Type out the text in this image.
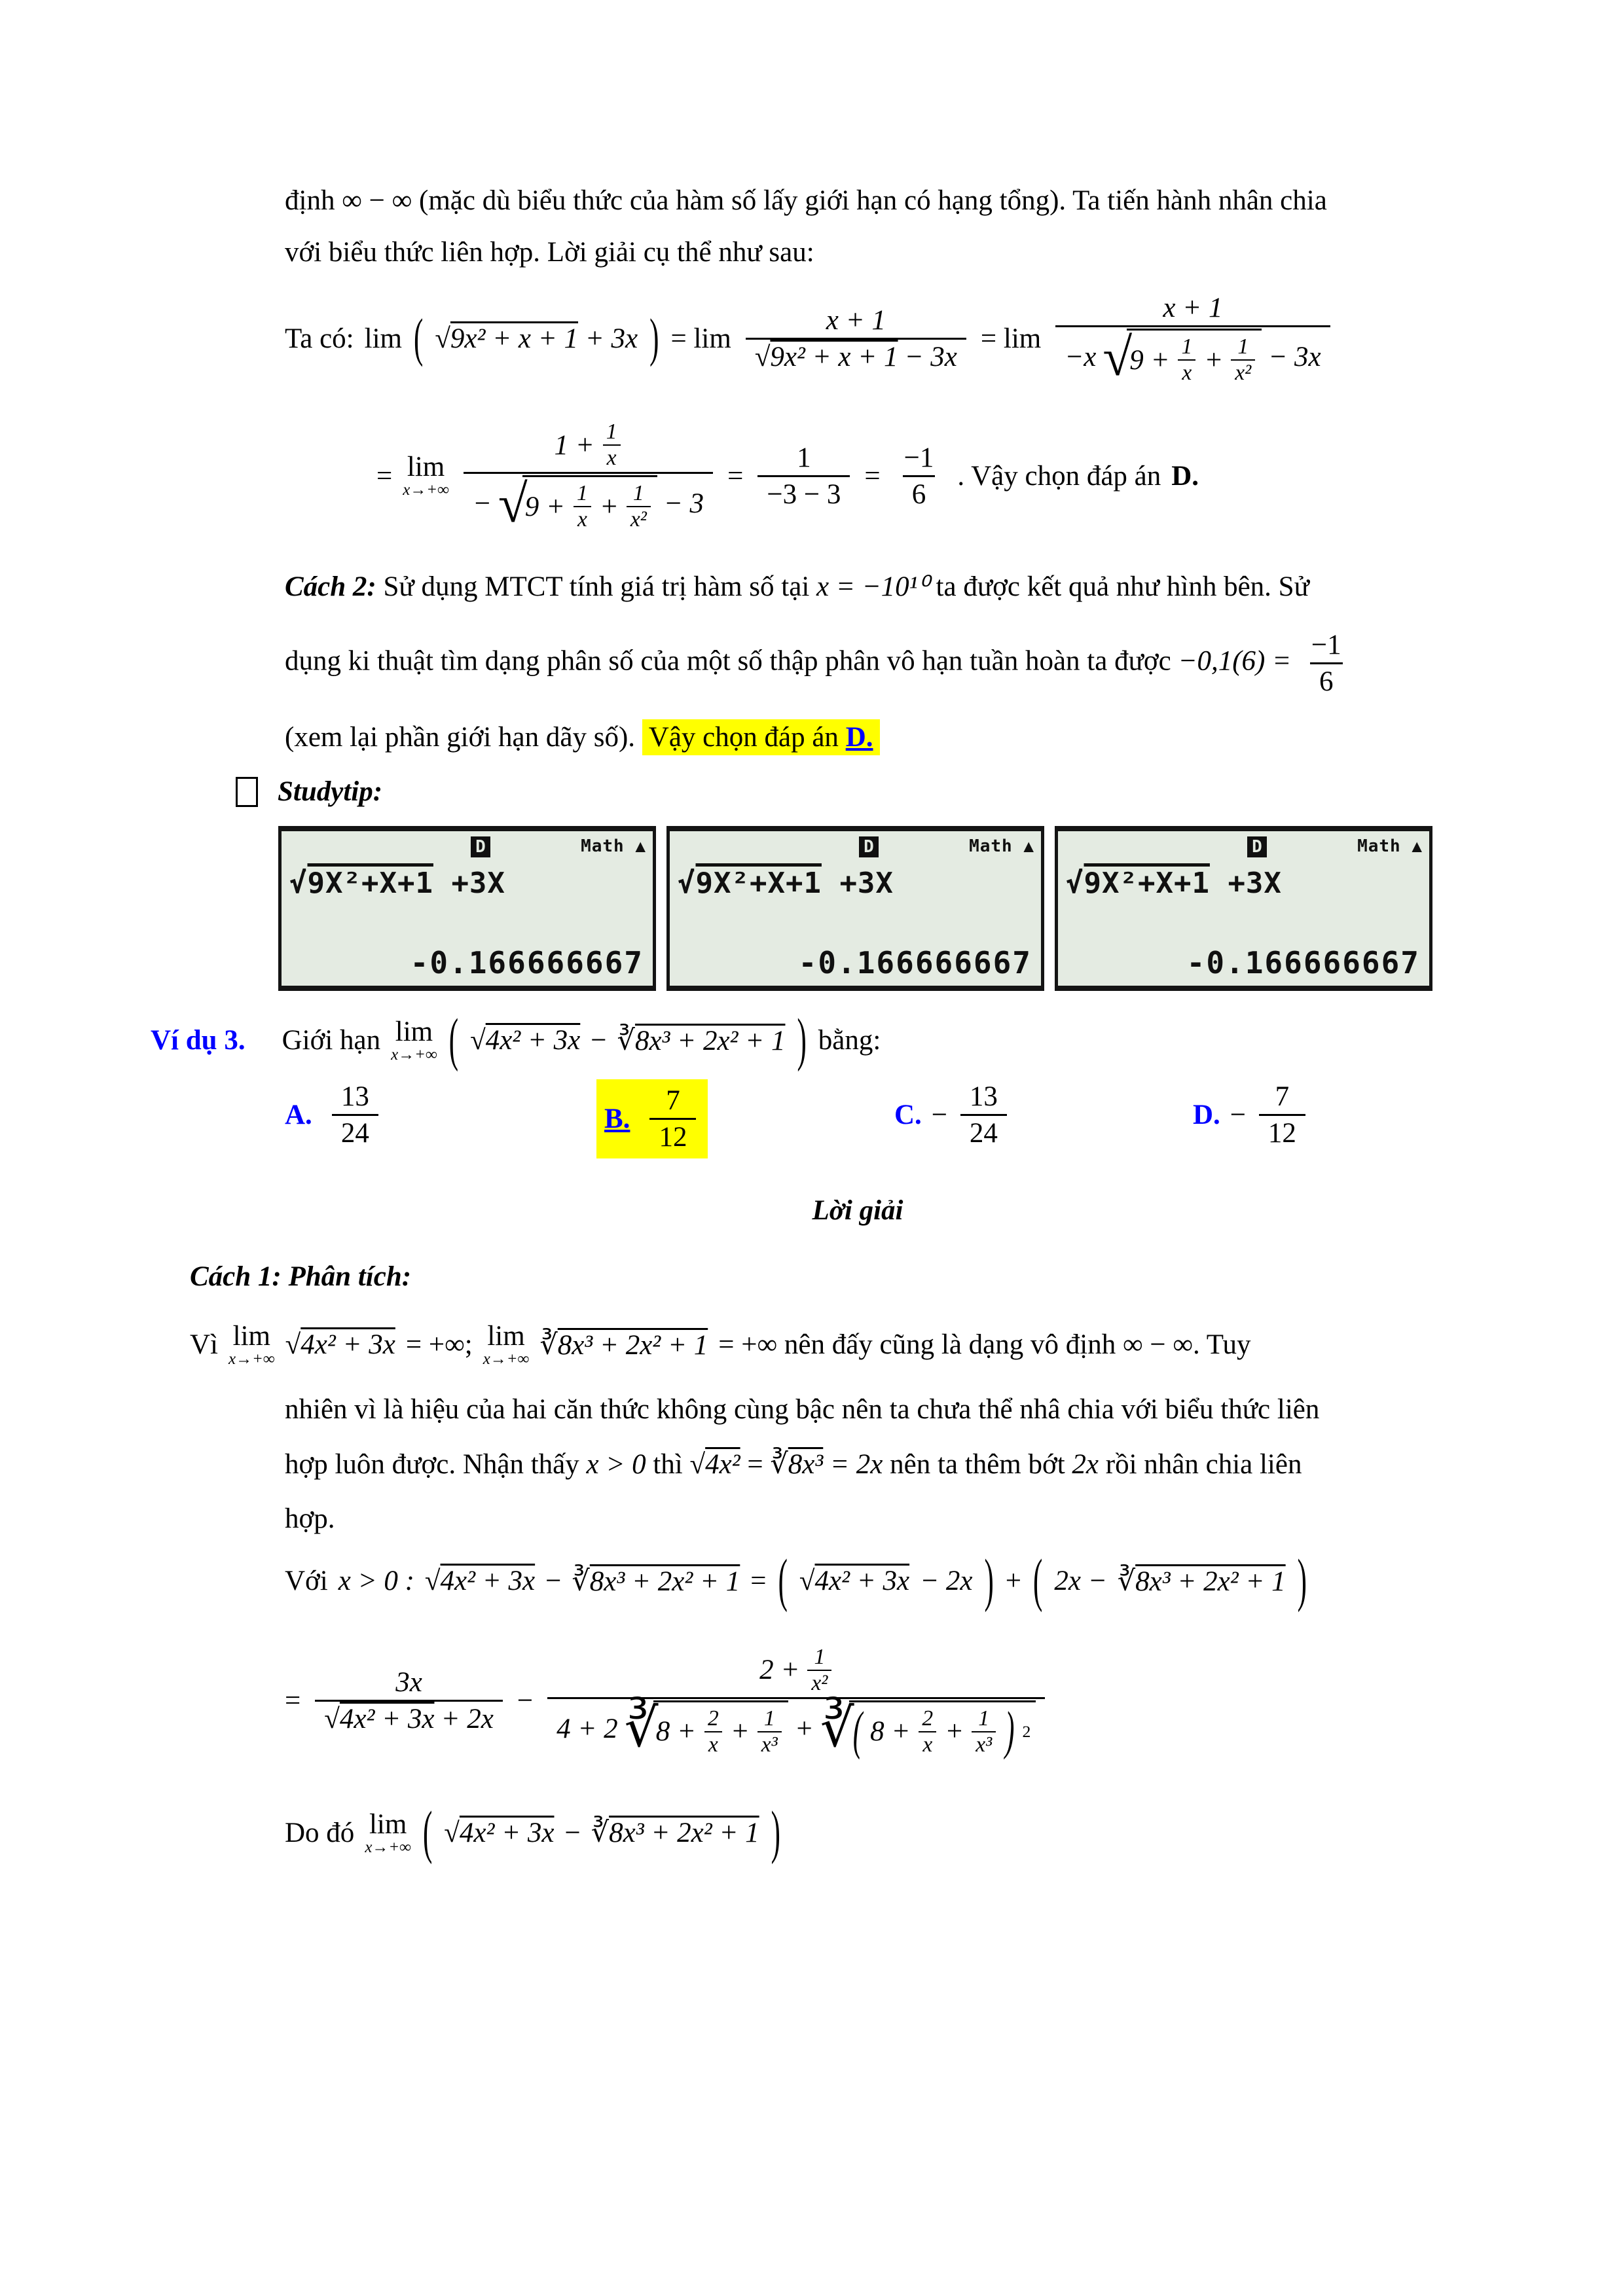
định ∞ − ∞ (mặc dù biểu thức của hàm số lấy giới hạn có hạng tổng). Ta tiến hành nhân chia
với biểu thức liên hợp. Lời giải cụ thể như sau:
Ta có: lim ( √9x² + x + 1 + 3x ) = $\lim \frac{x + 1}{\text{√9x² + x + 1 − 3x}} = \lim$
x + 1
−x √
$9 + \frac{1}{x} + \frac{1}{\text{x²}} - 3x$
= lim
x→+∞
$1 + \frac{1}{x}$
− √
$9 + \frac{1}{x} + \frac{1}{\text{x²}} - 3$
= $\frac{1}{-3 - 3} = \frac{-1}{6}$ . Vậy chọn đáp án D.
Cách 2: Sử dụng MTCT tính giá trị hàm số tại x = −10¹⁰ ta được kết quả như hình bên. Sử
dụng ki thuật tìm dạng phân số của một số thập phân vô hạn tuần hoàn ta được $-0,1(6) = \frac{-1}{6}$
(xem lại phần giới hạn dãy số). Vậy chọn đáp án D.
Studytip:
D	Math ▲
√9X²+X+1 +3X
-0.166666667
D	Math ▲
√9X²+X+1 +3X
-0.166666667
D	Math ▲
√9X²+X+1 +3X
-0.166666667
Ví dụ 3. Giới hạn lim
x→+∞ ( √4x² + 3x − ∛8x³ + 2x² + 1 ) bằng:
A. $\frac{13}{24}$	B. $\frac{7}{12}$	C. − $\frac{13}{24}$	D. − $\frac{7}{12}$
Lời giải
Cách 1: Phân tích:
Vì lim
x→+∞ √4x² + 3x = +∞; lim
x→+∞ ∛8x³ + 2x² + 1 = +∞ nên đấy cũng là dạng vô định ∞ − ∞. Tuy
nhiên vì là hiệu của hai căn thức không cùng bậc nên ta chưa thể nhâ chia với biểu thức liên
hợp luôn được. Nhận thấy x > 0 thì √4x² = ∛8x³ = 2x nên ta thêm bớt 2x rồi nhân chia liên
hợp.
Với x > 0 : √4x² + 3x − ∛8x³ + 2x² + 1 = ( √4x² + 3x − 2x ) + ( 2x − ∛8x³ + 2x² + 1 )
= $\frac{3x}{\text{√4x² + 3x + 2x}}$ −
$2 + \frac{1}{\text{x²}}$
4 + 2 ∛
$8 + \frac{2}{x} + \frac{1}{\text{x³}}$ + ∛
( $8 + \frac{2}{x} + \frac{1}{\text{x³}}$ ) 2
Do đó lim
x→+∞ ( √4x² + 3x − ∛8x³ + 2x² + 1 )
